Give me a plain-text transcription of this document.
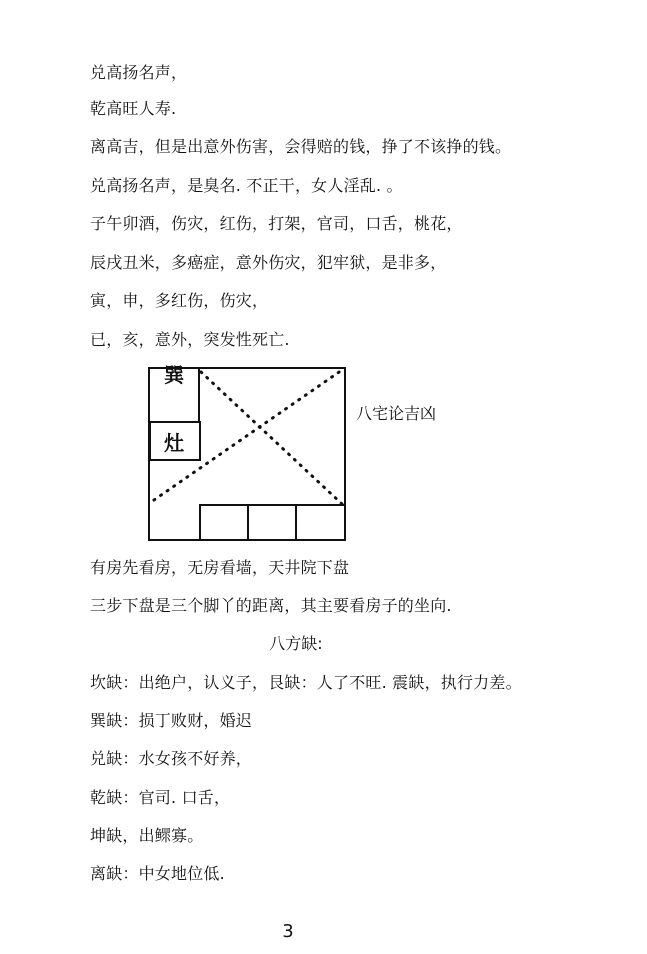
兑高扬名声，
乾高旺人寿.
离高吉，但是出意外伤害，会得赔的钱，挣了不该挣的钱。
兑高扬名声，是臭名. 不正干，女人淫乱. 。
子午卯酒，伤灾，红伤，打架，官司，口舌，桃花，
辰戌丑米，多癌症，意外伤灾，犯牢狱，是非多，
寅，申，多红伤，伤灾，
已，亥，意外，突发性死亡.
巽
灶
八宅论吉凶
有房先看房，无房看墙，天井院下盘
三步下盘是三个脚丫的距离，其主要看房子的坐向.
八方缺:
坎缺：出绝户，认义子，艮缺：人了不旺. 震缺，执行力差。
巽缺：损丁败财，婚迟
兑缺：水女孩不好养，
乾缺：官司. 口舌，
坤缺，出鳏寡。
离缺：中女地位低.
3
